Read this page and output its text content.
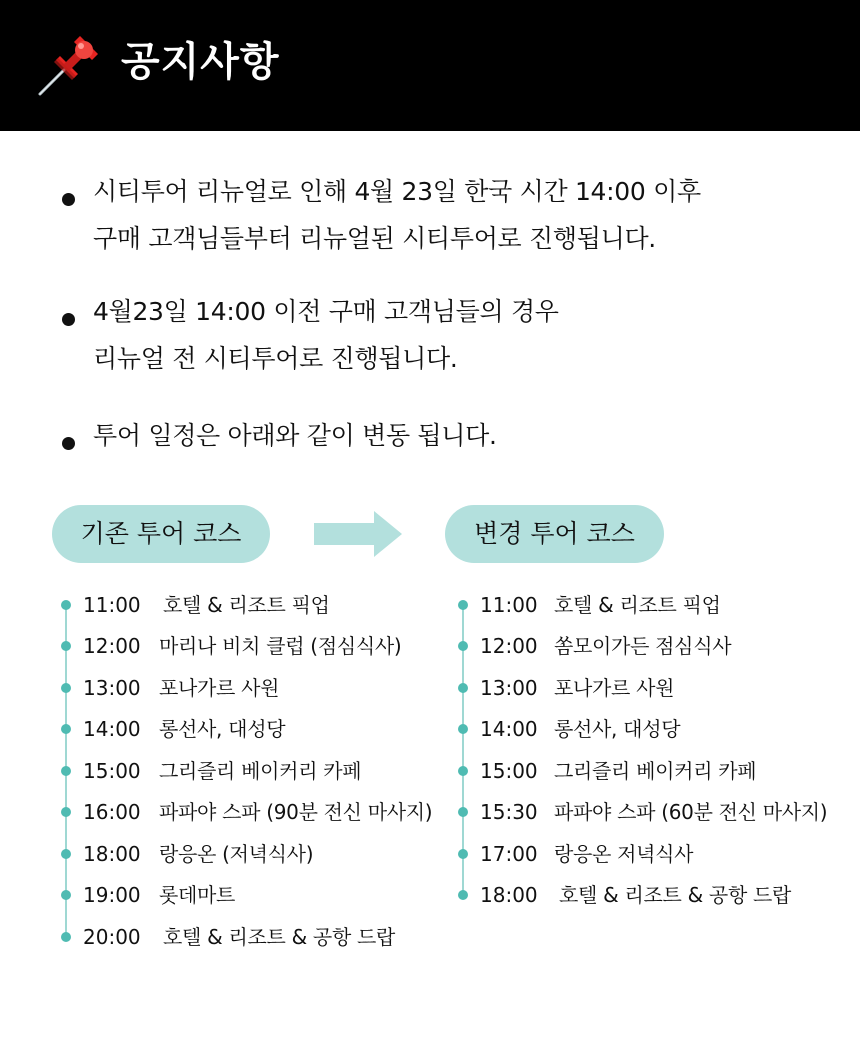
공지사항
시티투어 리뉴얼로 인해 4월 23일 한국 시간 14:00 이후
구매 고객님들부터 리뉴얼된 시티투어로 진행됩니다.
4월23일 14:00 이전 구매 고객님들의 경우
리뉴얼 전 시티투어로 진행됩니다.
투어 일정은 아래와 같이 변동 됩니다.
기존 투어 코스	변경 투어 코스
11:00 호텔 & 리조트 픽업
12:00 마리나 비치 클럽 (점심식사)
13:00 포나가르 사원
14:00 롱선사, 대성당
15:00 그리즐리 베이커리 카페
16:00 파파야 스파 (90분 전신 마사지)
18:00 랑응온 (저녁식사)
19:00 롯데마트
20:00 호텔 & 리조트 & 공항 드랍
11:00 호텔 & 리조트 픽업
12:00 쏨모이가든 점심식사
13:00 포나가르 사원
14:00 롱선사, 대성당
15:00 그리즐리 베이커리 카페
15:30 파파야 스파 (60분 전신 마사지)
17:00 랑응온 저녁식사
18:00 호텔 & 리조트 & 공항 드랍
